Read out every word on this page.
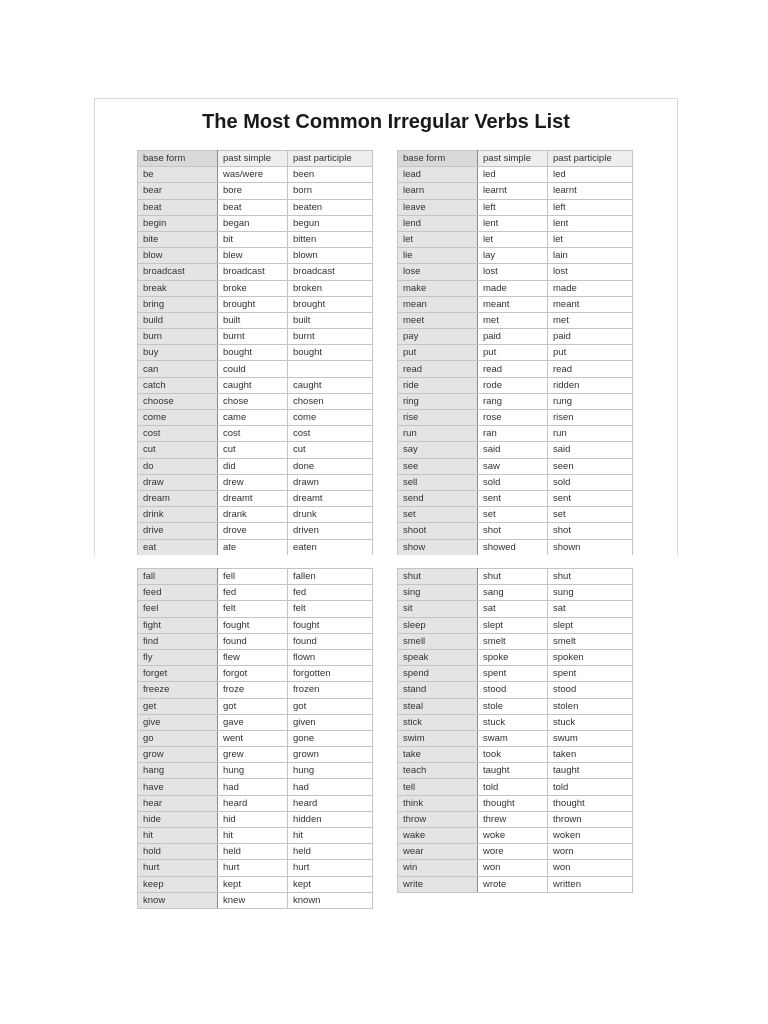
The Most Common Irregular Verbs List
base form	past simple	past participle
be	was/were	been
bear	bore	born
beat	beat	beaten
begin	began	begun
bite	bit	bitten
blow	blew	blown
broadcast	broadcast	broadcast
break	broke	broken
bring	brought	brought
build	built	built
burn	burnt	burnt
buy	bought	bought
can	could	
catch	caught	caught
choose	chose	chosen
come	came	come
cost	cost	cost
cut	cut	cut
do	did	done
draw	drew	drawn
dream	dreamt	dreamt
drink	drank	drunk
drive	drove	driven
eat	ate	eaten
base form	past simple	past participle
lead	led	led
learn	learnt	learnt
leave	left	left
lend	lent	lent
let	let	let
lie	lay	lain
lose	lost	lost
make	made	made
mean	meant	meant
meet	met	met
pay	paid	paid
put	put	put
read	read	read
ride	rode	ridden
ring	rang	rung
rise	rose	risen
run	ran	run
say	said	said
see	saw	seen
sell	sold	sold
send	sent	sent
set	set	set
shoot	shot	shot
show	showed	shown
fall	fell	fallen
feed	fed	fed
feel	felt	felt
fight	fought	fought
find	found	found
fly	flew	flown
forget	forgot	forgotten
freeze	froze	frozen
get	got	got
give	gave	given
go	went	gone
grow	grew	grown
hang	hung	hung
have	had	had
hear	heard	heard
hide	hid	hidden
hit	hit	hit
hold	held	held
hurt	hurt	hurt
keep	kept	kept
know	knew	known
shut	shut	shut
sing	sang	sung
sit	sat	sat
sleep	slept	slept
smell	smelt	smelt
speak	spoke	spoken
spend	spent	spent
stand	stood	stood
steal	stole	stolen
stick	stuck	stuck
swim	swam	swum
take	took	taken
teach	taught	taught
tell	told	told
think	thought	thought
throw	threw	thrown
wake	woke	woken
wear	wore	worn
win	won	won
write	wrote	written
